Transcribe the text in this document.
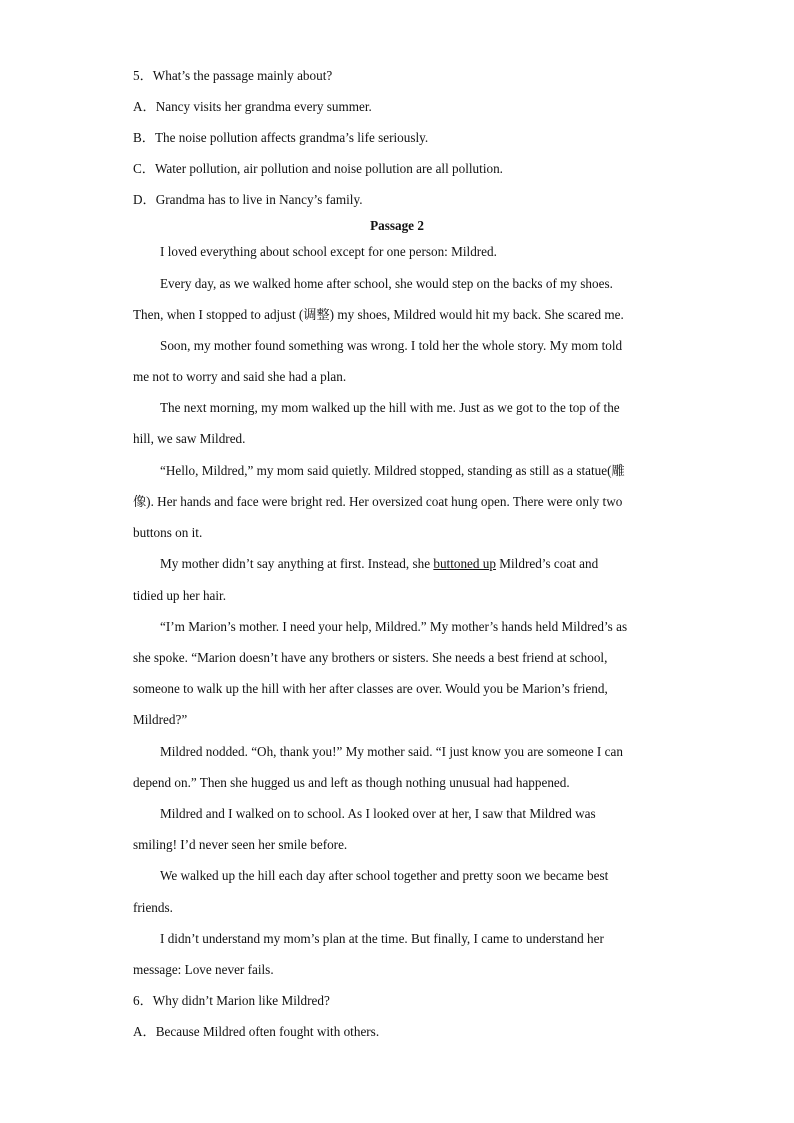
5．What’s the passage mainly about?

A．Nancy visits her grandma every summer.

B．The noise pollution affects grandma’s life seriously.

C．Water pollution, air pollution and noise pollution are all pollution.

D．Grandma has to live in Nancy’s family.

Passage 2

I loved everything about school except for one person: Mildred.

Every day, as we walked home after school, she would step on the backs of my shoes.

Then, when I stopped to adjust (调整) my shoes, Mildred would hit my back. She scared me.

Soon, my mother found something was wrong. I told her the whole story. My mom told

me not to worry and said she had a plan.

The next morning, my mom walked up the hill with me. Just as we got to the top of the

hill, we saw Mildred.

“Hello, Mildred,” my mom said quietly. Mildred stopped, standing as still as a statue(雕

像). Her hands and face were bright red. Her oversized coat hung open. There were only two

buttons on it.

My mother didn’t say anything at first. Instead, she buttoned up Mildred’s coat and

tidied up her hair.

“I’m Marion’s mother. I need your help, Mildred.” My mother’s hands held Mildred’s as

she spoke. “Marion doesn’t have any brothers or sisters. She needs a best friend at school,

someone to walk up the hill with her after classes are over. Would you be Marion’s friend,

Mildred?”

Mildred nodded. “Oh, thank you!” My mother said. “I just know you are someone I can

depend on.” Then she hugged us and left as though nothing unusual had happened.

Mildred and I walked on to school. As I looked over at her, I saw that Mildred was

smiling! I’d never seen her smile before.

We walked up the hill each day after school together and pretty soon we became best

friends.

I didn’t understand my mom’s plan at the time. But finally, I came to understand her

message: Love never fails.

6．Why didn’t Marion like Mildred?

A．Because Mildred often fought with others.
